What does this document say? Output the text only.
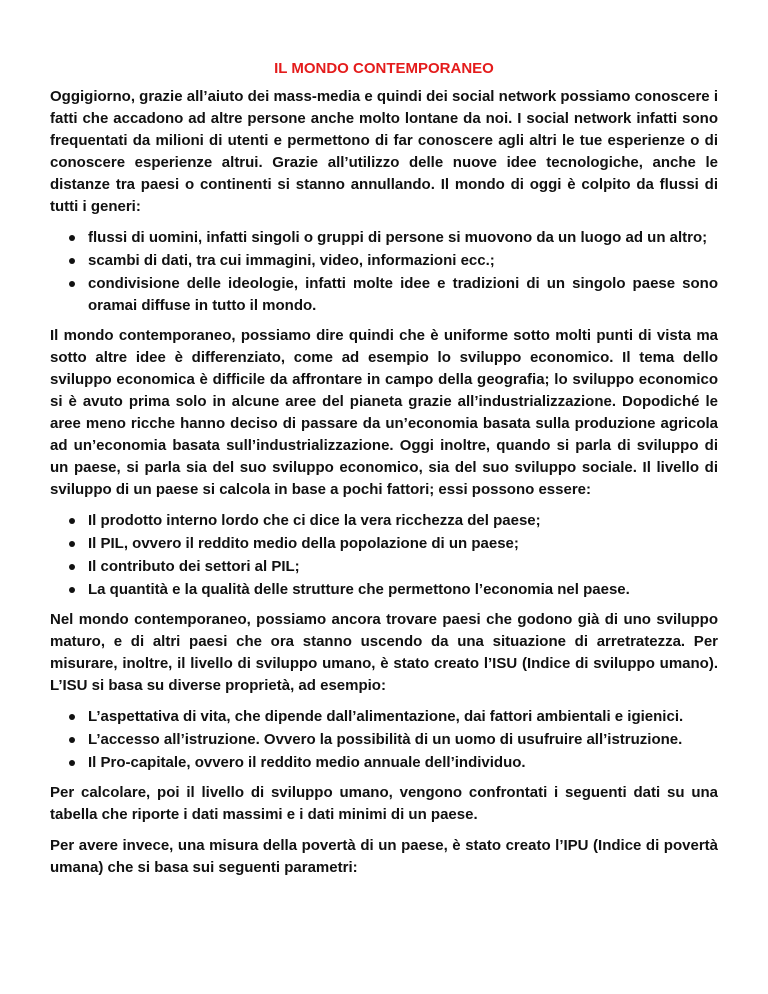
IL MONDO CONTEMPORANEO

Oggigiorno, grazie all’aiuto dei mass-media e quindi dei social network possiamo conoscere i fatti che accadono ad altre persone anche molto lontane da noi. I social network infatti sono frequentati da milioni di utenti e permettono di far conoscere agli altri le tue esperienze o di conoscere esperienze altrui. Grazie all’utilizzo delle nuove idee tecnologiche, anche le distanze tra paesi o continenti si stanno annullando. Il mondo di oggi è colpito da flussi di tutti i generi:

flussi di uomini, infatti singoli o gruppi di persone si muovono da un luogo ad un altro;
scambi di dati, tra cui immagini, video, informazioni ecc.;
condivisione delle ideologie, infatti molte idee e tradizioni di un singolo paese sono oramai diffuse in tutto il mondo.

Il mondo contemporaneo, possiamo dire quindi che è uniforme sotto molti punti di vista ma sotto altre idee è differenziato, come ad esempio lo sviluppo economico. Il tema dello sviluppo economica è difficile da affrontare in campo della geografia; lo sviluppo economico si è avuto prima solo in alcune aree del pianeta grazie all’industrializzazione. Dopodiché le aree meno ricche hanno deciso di passare da un’economia basata sulla produzione agricola ad un’economia basata sull’industrializzazione. Oggi inoltre, quando si parla di sviluppo di un paese, si parla sia del suo sviluppo economico, sia del suo sviluppo sociale. Il livello di sviluppo di un paese si calcola in base a pochi fattori; essi possono essere:

Il prodotto interno lordo che ci dice la vera ricchezza del paese;
Il PIL, ovvero il reddito medio della popolazione di un paese;
Il contributo dei settori al PIL;
La quantità e la qualità delle strutture che permettono l’economia nel paese.

Nel mondo contemporaneo, possiamo ancora trovare paesi che godono già di uno sviluppo maturo, e di altri paesi che ora stanno uscendo da una situazione di arretratezza. Per misurare, inoltre, il livello di sviluppo umano, è stato creato l’ISU (Indice di sviluppo umano). L’ISU si basa su diverse proprietà, ad esempio:

L’aspettativa di vita, che dipende dall’alimentazione, dai fattori ambientali e igienici.
L’accesso all’istruzione. Ovvero la possibilità di un uomo di usufruire all’istruzione.
Il Pro-capitale, ovvero il reddito medio annuale dell’individuo.

Per calcolare, poi il livello di sviluppo umano, vengono confrontati i seguenti dati su una tabella che riporte i dati massimi e i dati minimi di un paese.

Per avere invece, una misura della povertà di un paese, è stato creato l’IPU (Indice di povertà umana) che si basa sui seguenti parametri:
